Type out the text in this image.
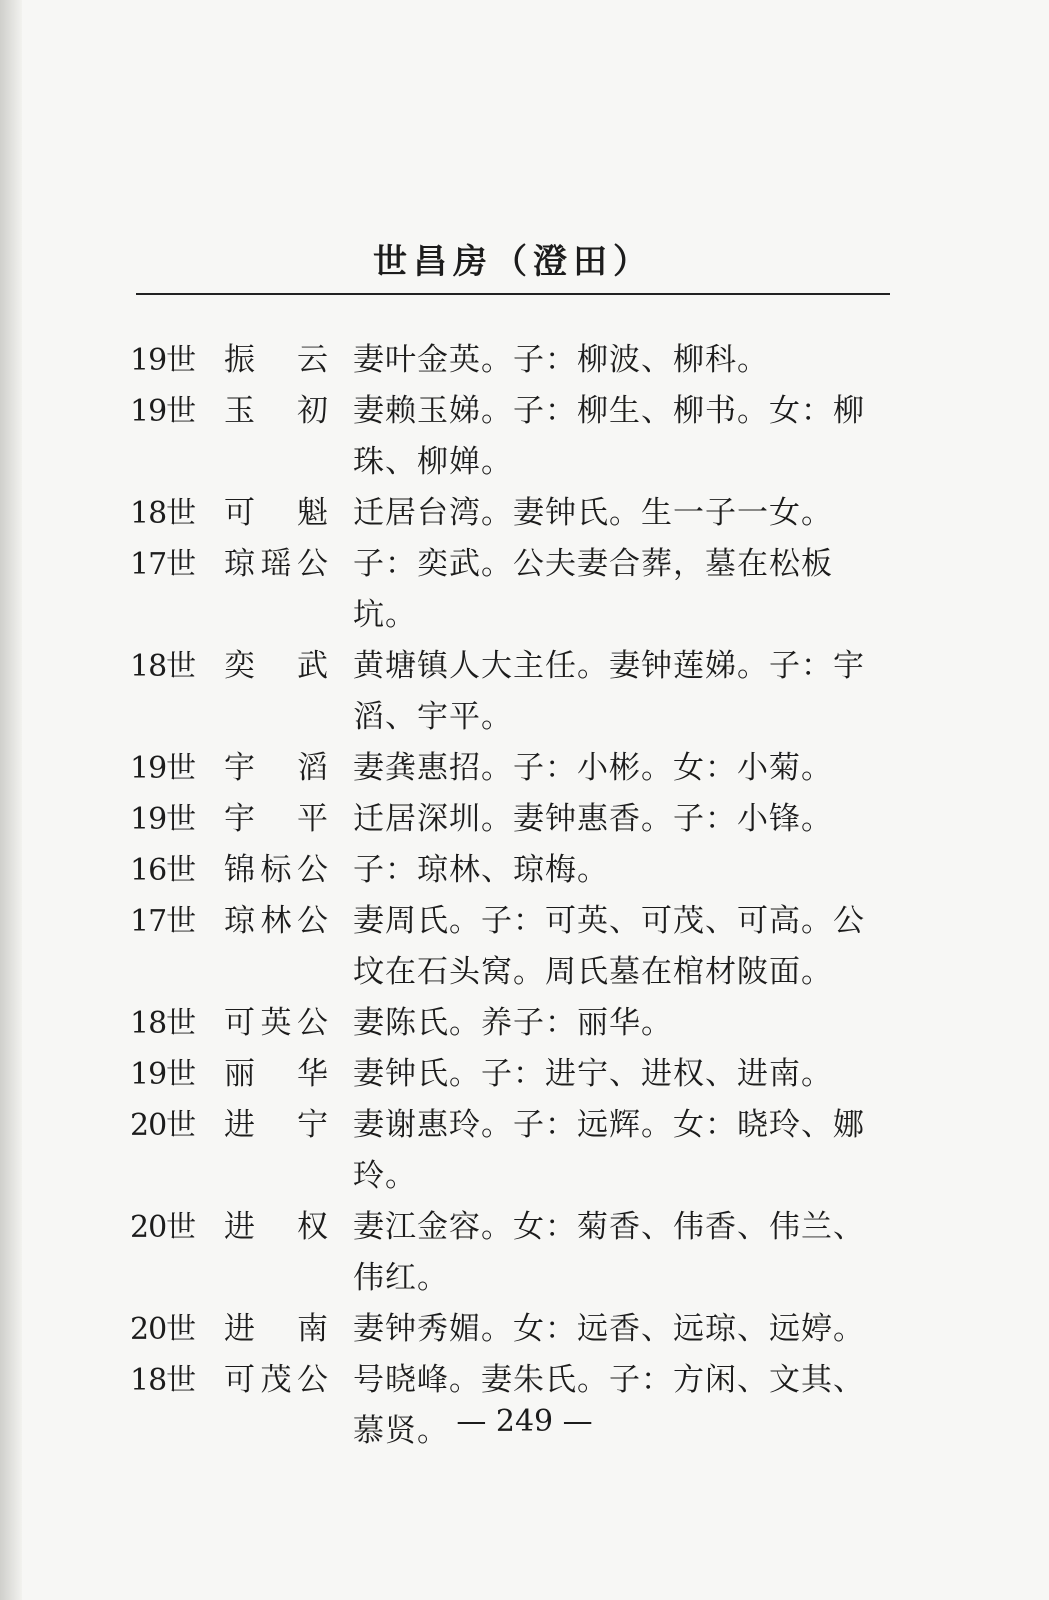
世昌房（澄田）
19世 振云 妻叶金英。子：柳波、柳科。
19世 玉初 妻赖玉娣。子：柳生、柳书。女：柳珠、柳婵。
18世 可魁 迁居台湾。妻钟氏。生一子一女。
17世 琼瑶公 子：奕武。公夫妻合葬，墓在松板坑。
18世 奕武 黄塘镇人大主任。妻钟莲娣。子：宇滔、宇平。
19世 宇滔 妻龚惠招。子：小彬。女：小菊。
19世 宇平 迁居深圳。妻钟惠香。子：小锋。
16世 锦标公 子：琼林、琼梅。
17世 琼林公 妻周氏。子：可英、可茂、可高。公坟在石头窝。周氏墓在棺材陂面。
18世 可英公 妻陈氏。养子：丽华。
19世 丽华 妻钟氏。子：进宁、进权、进南。
20世 进宁 妻谢惠玲。子：远辉。女：晓玲、娜玲。
20世 进权 妻江金容。女：菊香、伟香、伟兰、伟红。
20世 进南 妻钟秀媚。女：远香、远琼、远婷。
18世 可茂公 号晓峰。妻朱氏。子：方闲、文其、慕贤。 — 249 —
